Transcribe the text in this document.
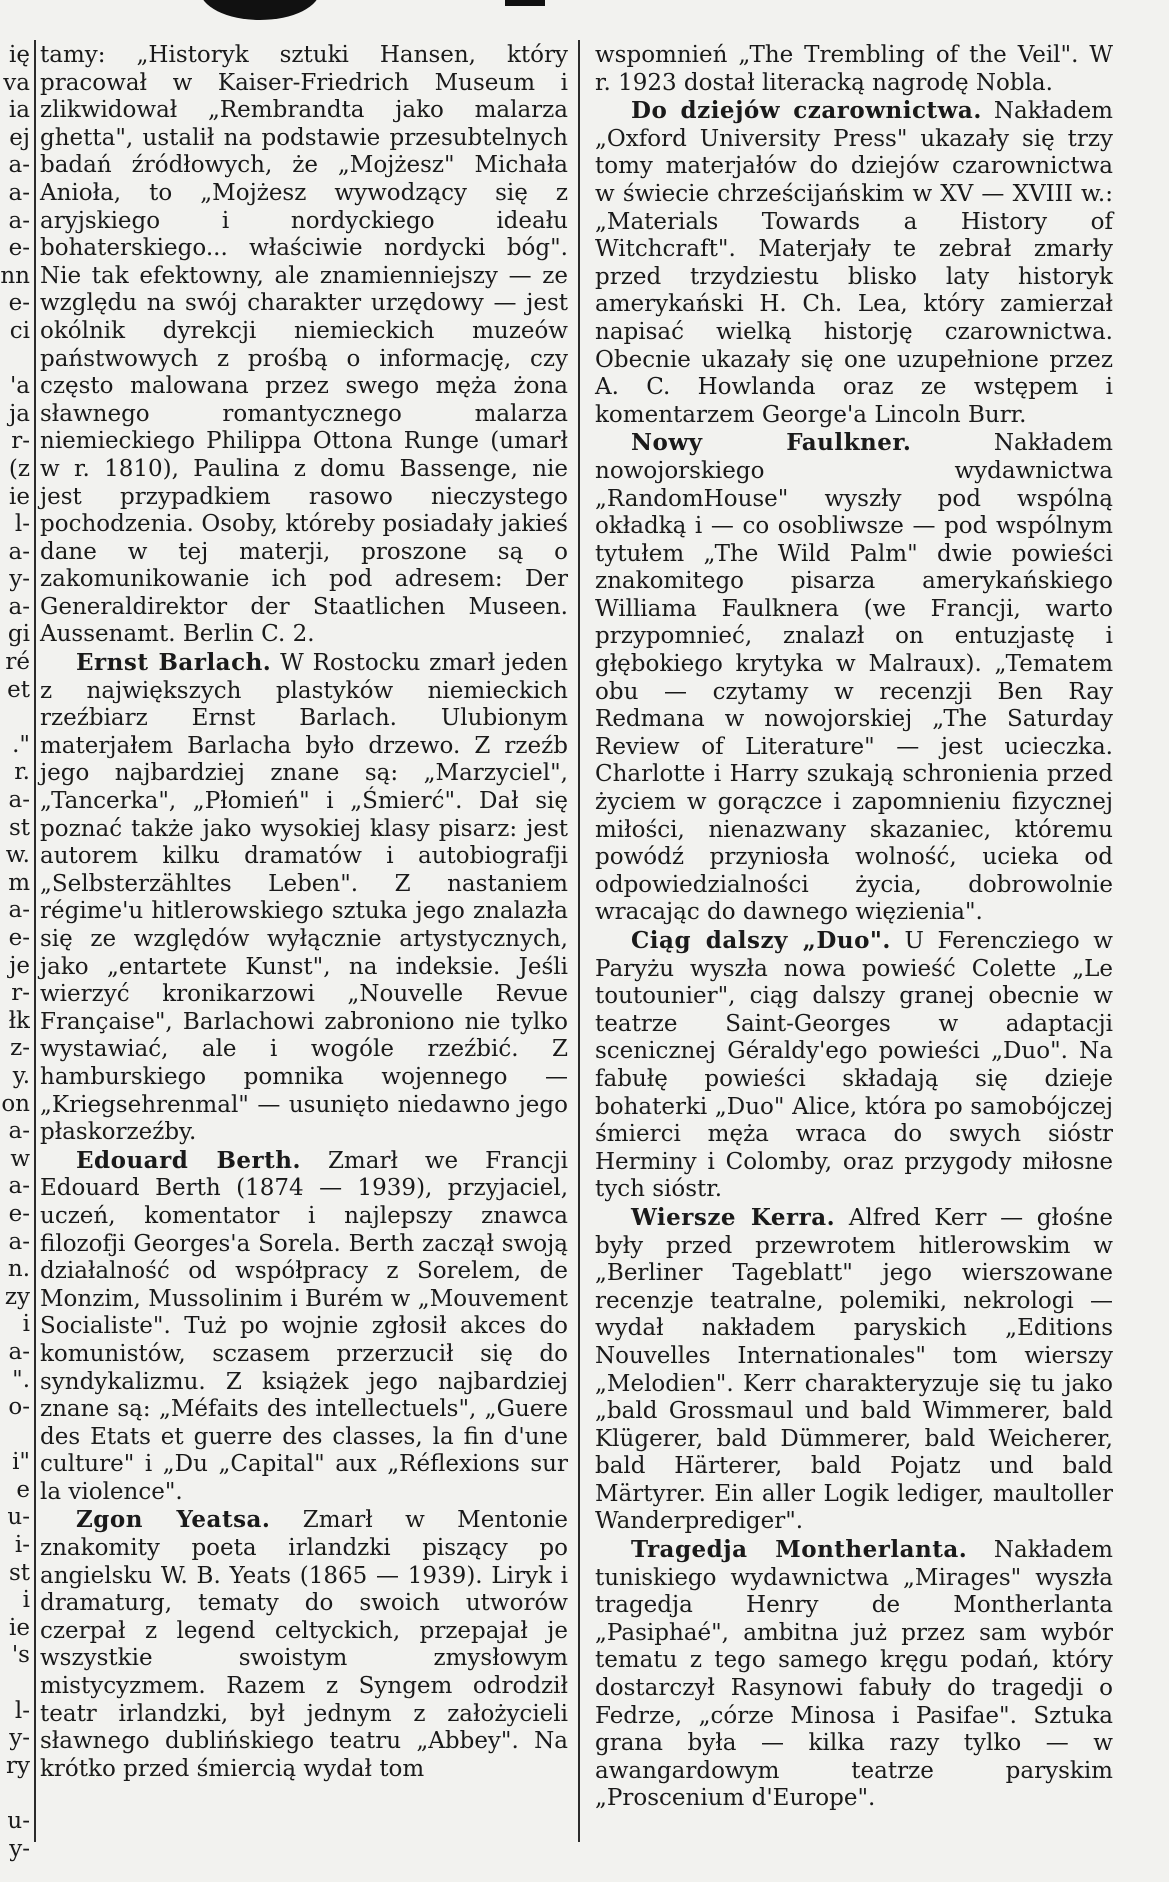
ię
va
ia
ej
a-
a-
a-
e-
nn
e-
ci
'a
ja
r-
(z
ie
l-
a-
y-
a-
gi
ré
et
."
r.
a-
st
w.
m
a-
e-
je
r-
łk
z-
y.
on
a-
w
a-
e-
a-
n.
zy
i
a-
".
o-
i"
e
u-
i-
st
i
ie
's
l-
y-
ry
u-
y-

tamy: „Historyk sztuki Hansen, który pracował w Kaiser-Friedrich Museum i zlikwidował „Rembrandta jako malarza ghetta", ustalił na podstawie przesubtelnych badań źródłowych, że „Mojżesz" Michała Anioła, to „Mojżesz wywodzący się z aryjskiego i nordyckiego ideału bohaterskiego... właściwie nordycki bóg". Nie tak efektowny, ale znamienniejszy — ze względu na swój charakter urzędowy — jest okólnik dyrekcji niemieckich muzeów państwowych z prośbą o informację, czy często malowana przez swego męża żona sławnego romantycznego malarza niemieckiego Philippa Ottona Runge (umarł w r. 1810), Paulina z domu Bassenge, nie jest przypadkiem rasowo nieczystego pochodzenia. Osoby, któreby posiadały jakieś dane w tej materji, proszone są o zakomunikowanie ich pod adresem: Der Generaldirektor der Staatlichen Museen. Aussenamt. Berlin C. 2.

Ernst Barlach. W Rostocku zmarł jeden z największych plastyków niemieckich rzeźbiarz Ernst Barlach. Ulubionym materjałem Barlacha było drzewo. Z rzeźb jego najbardziej znane są: „Marzyciel", „Tancerka", „Płomień" i „Śmierć". Dał się poznać także jako wysokiej klasy pisarz: jest autorem kilku dramatów i autobiografji „Selbsterzähltes Leben". Z nastaniem régime'u hitlerowskiego sztuka jego znalazła się ze względów wyłącznie artystycznych, jako „entartete Kunst", na indeksie. Jeśli wierzyć kronikarzowi „Nouvelle Revue Française", Barlachowi zabroniono nie tylko wystawiać, ale i wogóle rzeźbić. Z hamburskiego pomnika wojennego — „Kriegsehrenmal" — usunięto niedawno jego płaskorzeźby.

Edouard Berth. Zmarł we Francji Edouard Berth (1874 — 1939), przyjaciel, uczeń, komentator i najlepszy znawca filozofji Georges'a Sorela. Berth zaczął swoją działalność od współpracy z Sorelem, de Monzim, Mussolinim i Burém w „Mouvement Socialiste". Tuż po wojnie zgłosił akces do komunistów, sczasem przerzucił się do syndykalizmu. Z książek jego najbardziej znane są: „Méfaits des intellectuels", „Guere des Etats et guerre des classes, la fin d'une culture" i „Du „Capital" aux „Réflexions sur la violence".

Zgon Yeatsa. Zmarł w Mentonie znakomity poeta irlandzki piszący po angielsku W. B. Yeats (1865 — 1939). Liryk i dramaturg, tematy do swoich utworów czerpał z legend celtyckich, przepajał je wszystkie swoistym zmysłowym mistycyzmem. Razem z Syngem odrodził teatr irlandzki, był jednym z założycieli sławnego dublińskiego teatru „Abbey". Na krótko przed śmiercią wydał tom

wspomnień „The Trembling of the Veil". W r. 1923 dostał literacką nagrodę Nobla.

Do dziejów czarownictwa. Nakładem „Oxford University Press" ukazały się trzy tomy materjałów do dziejów czarownictwa w świecie chrześcijańskim w XV — XVIII w.: „Materials Towards a History of Witchcraft". Materjały te zebrał zmarły przed trzydziestu blisko laty historyk amerykański H. Ch. Lea, który zamierzał napisać wielką historję czarownictwa. Obecnie ukazały się one uzupełnione przez A. C. Howlanda oraz ze wstępem i komentarzem George'a Lincoln Burr.

Nowy Faulkner. Nakładem nowojorskiego wydawnictwa „RandomHouse" wyszły pod wspólną okładką i — co osobliwsze — pod wspólnym tytułem „The Wild Palm" dwie powieści znakomitego pisarza amerykańskiego Williama Faulknera (we Francji, warto przypomnieć, znalazł on entuzjastę i głębokiego krytyka w Malraux). „Tematem obu — czytamy w recenzji Ben Ray Redmana w nowojorskiej „The Saturday Review of Literature" — jest ucieczka. Charlotte i Harry szukają schronienia przed życiem w gorączce i zapomnieniu fizycznej miłości, nienazwany skazaniec, któremu powódź przyniosła wolność, ucieka od odpowiedzialności życia, dobrowolnie wracając do dawnego więzienia".

Ciąg dalszy „Duo". U Ferencziego w Paryżu wyszła nowa powieść Colette „Le toutounier", ciąg dalszy granej obecnie w teatrze Saint-Georges w adaptacji scenicznej Géraldy'ego powieści „Duo". Na fabułę powieści składają się dzieje bohaterki „Duo" Alice, która po samobójczej śmierci męża wraca do swych sióstr Herminy i Colomby, oraz przygody miłosne tych sióstr.

Wiersze Kerra. Alfred Kerr — głośne były przed przewrotem hitlerowskim w „Berliner Tageblatt" jego wierszowane recenzje teatralne, polemiki, nekrologi — wydał nakładem paryskich „Editions Nouvelles Internationales" tom wierszy „Melodien". Kerr charakteryzuje się tu jako „bald Grossmaul und bald Wimmerer, bald Klügerer, bald Dümmerer, bald Weicherer, bald Härterer, bald Pojatz und bald Märtyrer. Ein aller Logik lediger, maultoller Wanderprediger".

Tragedja Montherlanta. Nakładem tuniskiego wydawnictwa „Mirages" wyszła tragedja Henry de Montherlanta „Pasiphaé", ambitna już przez sam wybór tematu z tego samego kręgu podań, który dostarczył Rasynowi fabuły do tragedji o Fedrze, „córze Minosa i Pasifae". Sztuka grana była — kilka razy tylko — w awangardowym teatrze paryskim „Proscenium d'Europe".
